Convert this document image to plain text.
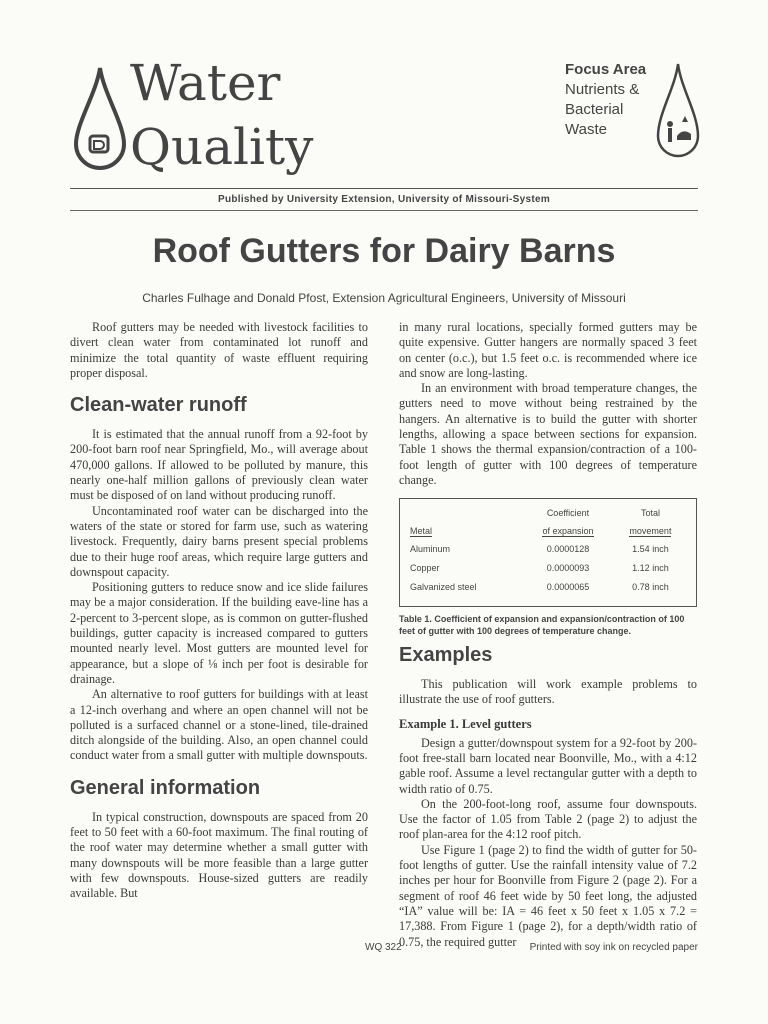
Water
Quality
Focus Area
Nutrients &
Bacterial
Waste
Published by University Extension, University of Missouri-System
Roof Gutters for Dairy Barns
Charles Fulhage and Donald Pfost, Extension Agricultural Engineers, University of Missouri

Roof gutters may be needed with livestock facilities to divert clean water from contaminated lot runoff and minimize the total quantity of waste effluent requiring proper disposal.

Clean-water runoff

It is estimated that the annual runoff from a 92-foot by 200-foot barn roof near Springfield, Mo., will average about 470,000 gallons. If allowed to be polluted by manure, this nearly one-half million gallons of previously clean water must be disposed of on land without producing runoff.

Uncontaminated roof water can be discharged into the waters of the state or stored for farm use, such as watering livestock. Frequently, dairy barns present special problems due to their huge roof areas, which require large gutters and downspout capacity.

Positioning gutters to reduce snow and ice slide failures may be a major consideration. If the building eave-line has a 2-percent to 3-percent slope, as is common on gutter-flushed buildings, gutter capacity is increased compared to gutters mounted nearly level. Most gutters are mounted level for appearance, but a slope of ⅛ inch per foot is desirable for drainage.

An alternative to roof gutters for buildings with at least a 12-inch overhang and where an open channel will not be polluted is a surfaced channel or a stone-lined, tile-drained ditch alongside of the building. Also, an open channel could conduct water from a small gutter with multiple downspouts.

General information

In typical construction, downspouts are spaced from 20 feet to 50 feet with a 60-foot maximum. The final routing of the roof water may determine whether a small gutter with many downspouts will be more feasible than a large gutter with few downspouts. House-sized gutters are readily available. But

in many rural locations, specially formed gutters may be quite expensive. Gutter hangers are normally spaced 3 feet on center (o.c.), but 1.5 feet o.c. is recommended where ice and snow are long-lasting.

In an environment with broad temperature changes, the gutters need to move without being restrained by the hangers. An alternative is to build the gutter with shorter lengths, allowing a space between sections for expansion. Table 1 shows the thermal expansion/contraction of a 100-foot length of gutter with 100 degrees of temperature change.

	Coefficient	Total
Metal	of expansion	movement
Aluminum	0.0000128	1.54 inch
Copper	0.0000093	1.12 inch
Galvanized steel	0.0000065	0.78 inch
Table 1. Coefficient of expansion and expansion/contraction of 100 feet of gutter with 100 degrees of temperature change.
Examples

This publication will work example problems to illustrate the use of roof gutters.

Example 1. Level gutters

Design a gutter/downspout system for a 92-foot by 200-foot free-stall barn located near Boonville, Mo., with a 4:12 gable roof. Assume a level rectangular gutter with a depth to width ratio of 0.75.

On the 200-foot-long roof, assume four downspouts. Use the factor of 1.05 from Table 2 (page 2) to adjust the roof plan-area for the 4:12 roof pitch.

Use Figure 1 (page 2) to find the width of gutter for 50-foot lengths of gutter. Use the rainfall intensity value of 7.2 inches per hour for Boonville from Figure 2 (page 2). For a segment of roof 46 feet wide by 50 feet long, the adjusted “IA” value will be: IA = 46 feet x 50 feet x 1.05 x 7.2 = 17,388. From Figure 1 (page 2), for a depth/width ratio of 0.75, the required gutter

WQ 322	Printed with soy ink on recycled paper
